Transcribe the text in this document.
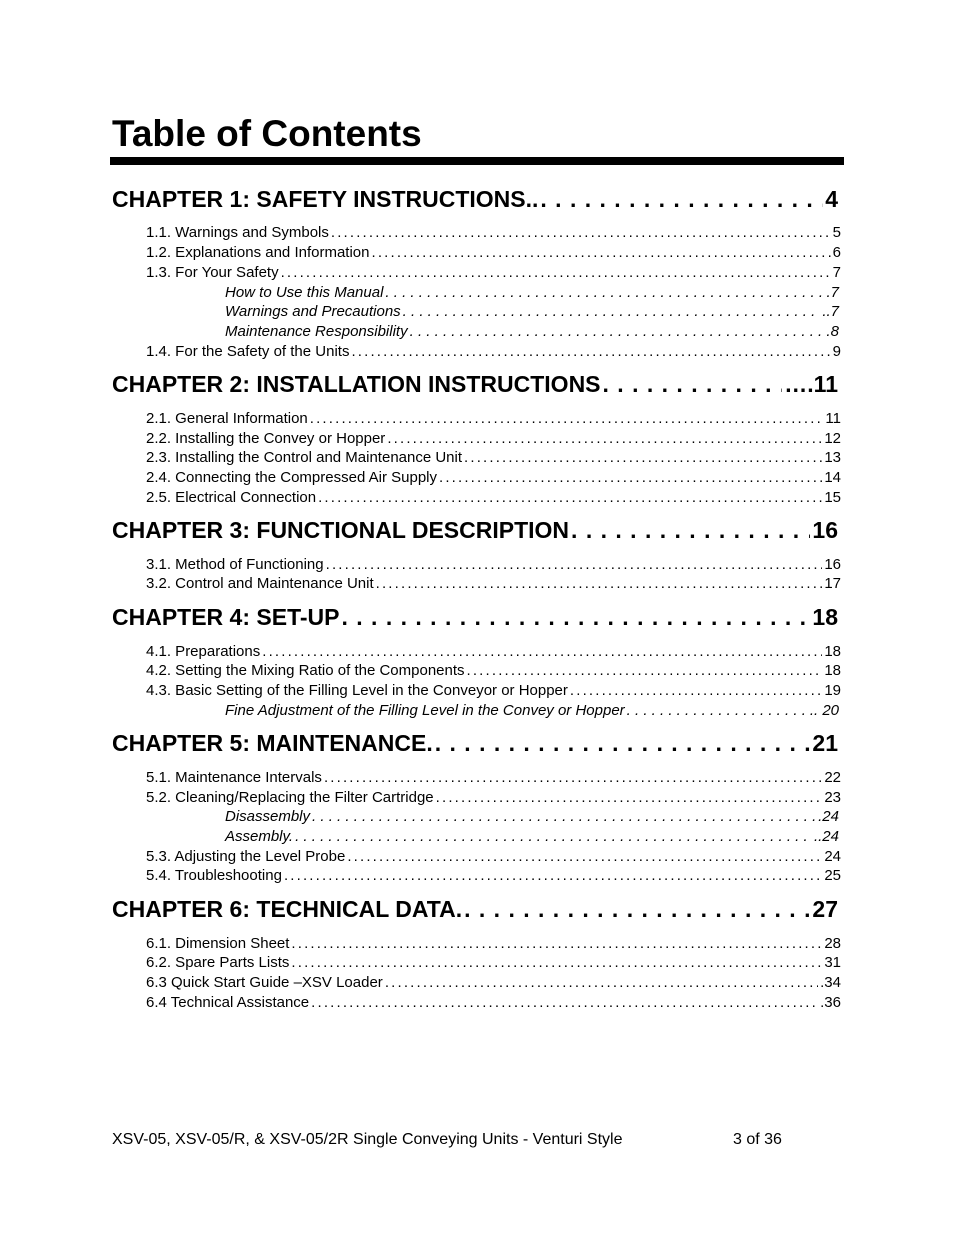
Table of Contents
CHAPTER 1: SAFETY INSTRUCTIONS.. . . .	4
1.1. Warnings and Symbols . . .	5
1.2. Explanations and Information . . .	6
1.3. For Your Safety . . .	7
How to Use this Manual . . .	.7
Warnings and Precautions . . .	..7
Maintenance Responsibility . . .	8
1.4. For the Safety of the Units . . .	9
CHAPTER 2: INSTALLATION INSTRUCTIONS . . .	….11
2.1. General Information . . .	11
2.2. Installing the Convey or Hopper . . .	12
2.3. Installing the Control and Maintenance Unit . . .	13
2.4. Connecting the Compressed Air Supply . . .	14
2.5. Electrical Connection . . .	15
CHAPTER 3: FUNCTIONAL DESCRIPTION . . .	16
3.1. Method of Functioning . . .	16
3.2. Control and Maintenance Unit . . .	17
CHAPTER 4: SET-UP . . .	18
4.1. Preparations . . .	18
4.2. Setting the Mixing Ratio of the Components . . .	18
4.3. Basic Setting of the Filling Level in the Conveyor or Hopper . . .	19
Fine Adjustment of the Filling Level in the Convey or Hopper . . .	.. 20
CHAPTER 5: MAINTENANCE. . . .	21
5.1. Maintenance Intervals . . .	22
5.2. Cleaning/Replacing the Filter Cartridge . . .	23
Disassembly . . .	.24
Assembly. . . .	..24
5.3. Adjusting the Level Probe . . .	24
5.4. Troubleshooting . . .	25
CHAPTER 6: TECHNICAL DATA. . . .	27
6.1. Dimension Sheet . . .	28
6.2. Spare Parts Lists . . .	31
6.3 Quick Start Guide –XSV Loader . . .	.34
6.4 Technical Assistance . . .	.36
XSV-05, XSV-05/R, & XSV-05/2R Single Conveying Units - Venturi Style	3 of 36
